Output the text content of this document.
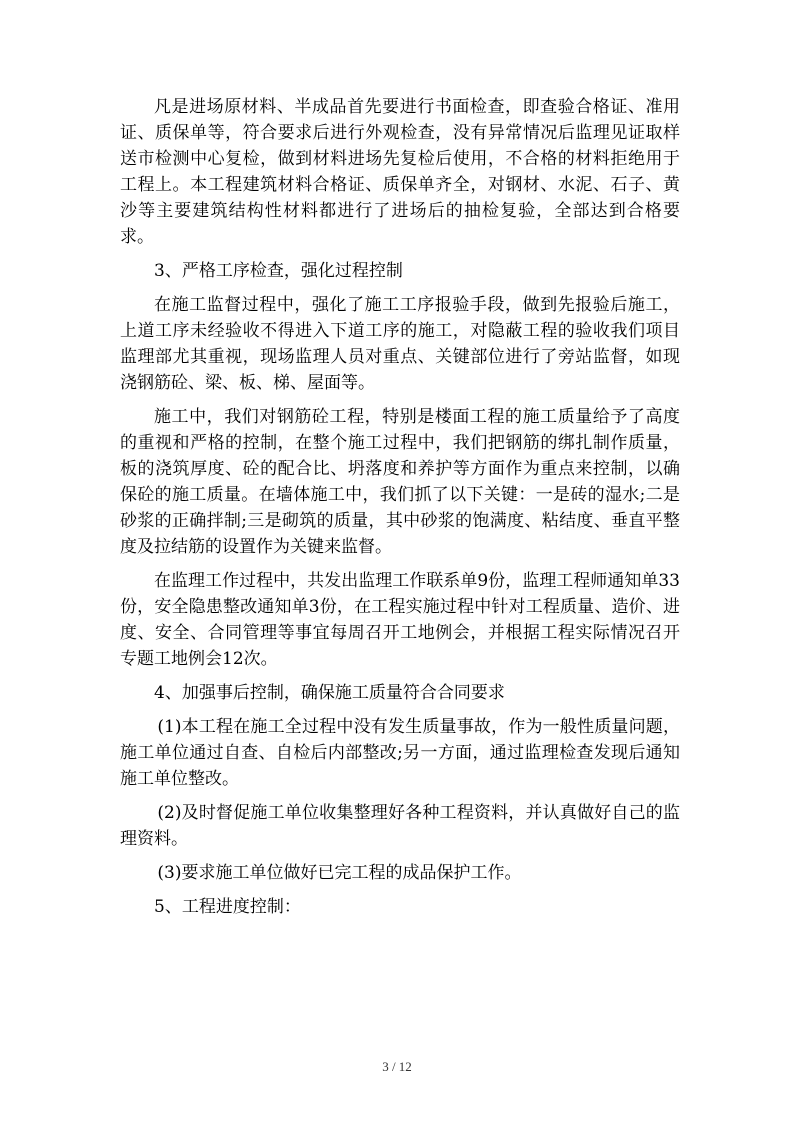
凡是进场原材料、半成品首先要进行书面检查，即查验合格证、准用证、质保单等，符合要求后进行外观检查，没有异常情况后监理见证取样送市检测中心复检，做到材料进场先复检后使用，不合格的材料拒绝用于工程上。本工程建筑材料合格证、质保单齐全，对钢材、水泥、石子、黄沙等主要建筑结构性材料都进行了进场后的抽检复验，全部达到合格要求。

3、严格工序检查，强化过程控制

在施工监督过程中，强化了施工工序报验手段，做到先报验后施工，上道工序未经验收不得进入下道工序的施工，对隐蔽工程的验收我们项目监理部尤其重视，现场监理人员对重点、关键部位进行了旁站监督，如现浇钢筋砼、梁、板、梯、屋面等。

施工中，我们对钢筋砼工程，特别是楼面工程的施工质量给予了高度的重视和严格的控制，在整个施工过程中，我们把钢筋的绑扎制作质量，板的浇筑厚度、砼的配合比、坍落度和养护等方面作为重点来控制，以确保砼的施工质量。在墙体施工中，我们抓了以下关键：一是砖的湿水;二是砂浆的正确拌制;三是砌筑的质量，其中砂浆的饱满度、粘结度、垂直平整度及拉结筋的设置作为关键来监督。

在监理工作过程中，共发出监理工作联系单9份，监理工程师通知单33份，安全隐患整改通知单3份，在工程实施过程中针对工程质量、造价、进度、安全、合同管理等事宜每周召开工地例会，并根据工程实际情况召开专题工地例会12次。

4、加强事后控制，确保施工质量符合合同要求

(1)本工程在施工全过程中没有发生质量事故，作为一般性质量问题，施工单位通过自查、自检后内部整改;另一方面，通过监理检查发现后通知施工单位整改。

(2)及时督促施工单位收集整理好各种工程资料，并认真做好自己的监理资料。

(3)要求施工单位做好已完工程的成品保护工作。

5、工程进度控制：

3 / 12
